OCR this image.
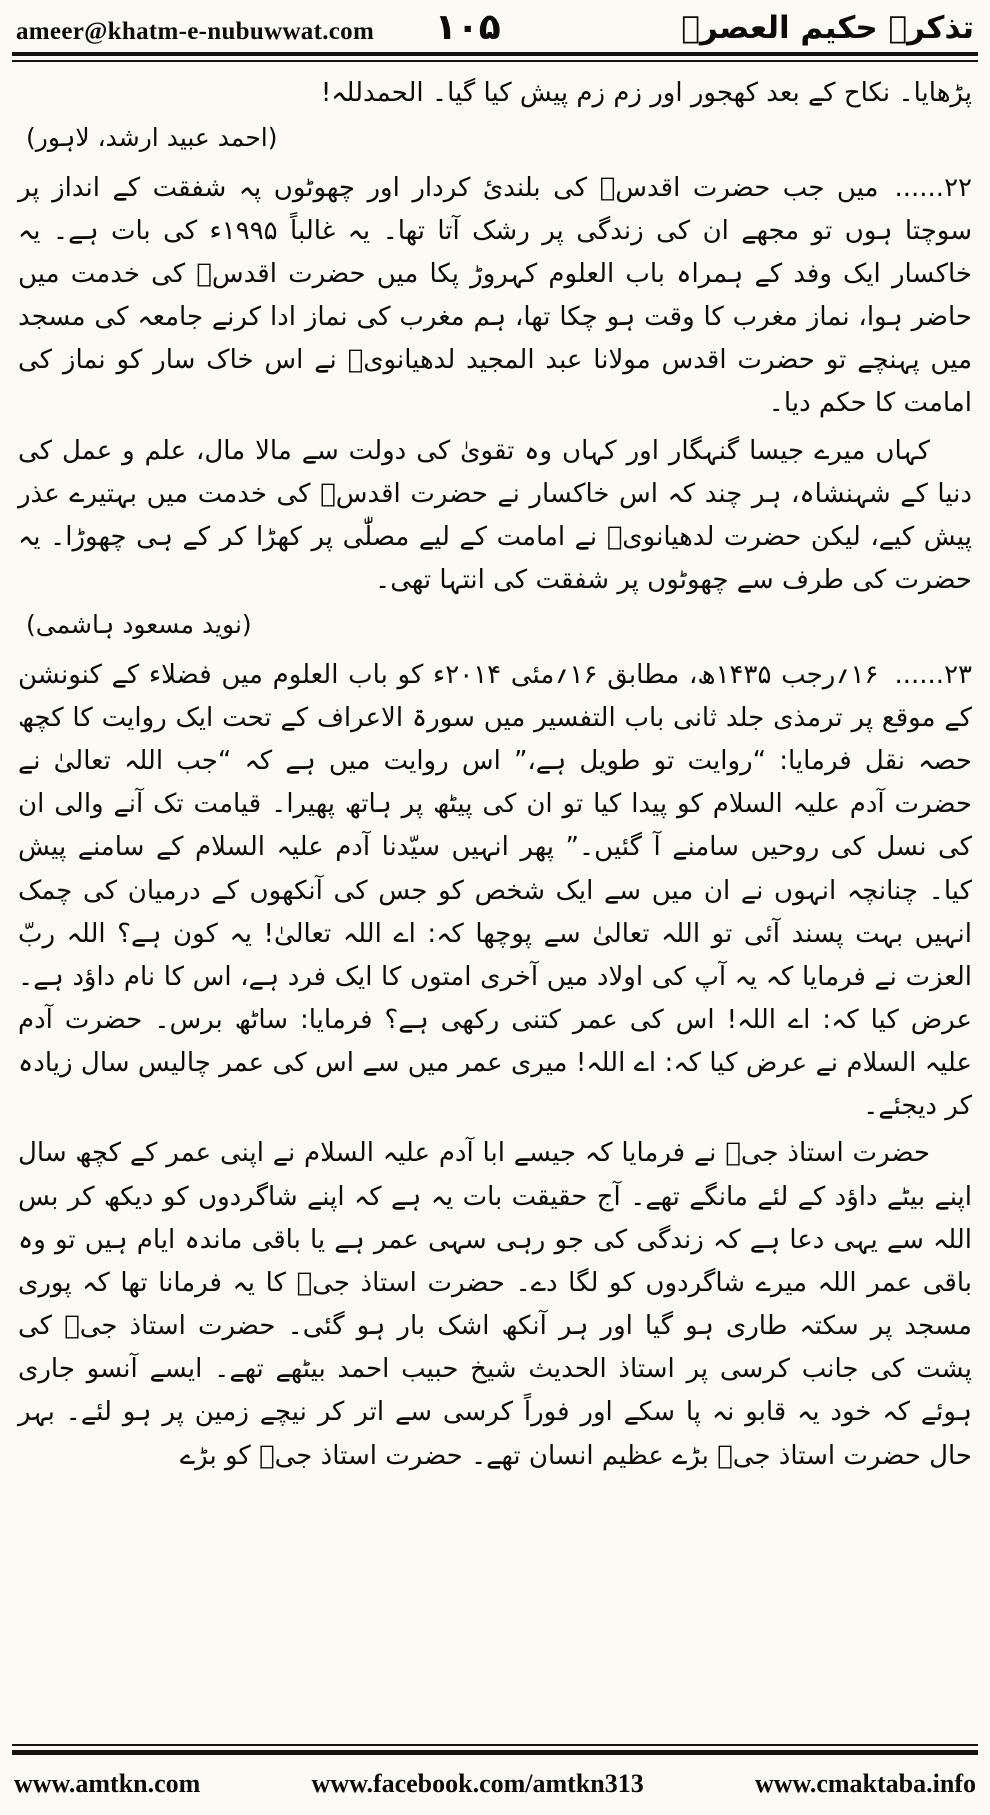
ameer@khatm-e-nubuwwat.com ۱۰۵	تذکرہ حکیم العصرؒ

پڑھایا۔ نکاح کے بعد کھجور اور زم زم پیش کیا گیا۔ الحمدللہ!

(احمد عبید ارشد، لاہور)

۲۲......میں جب حضرت اقدسؒ کی بلندیٔ کردار اور چھوٹوں پہ شفقت کے انداز پر سوچتا ہوں تو مجھے ان کی زندگی پر رشک آتا تھا۔ یہ غالباً ۱۹۹۵ء کی بات ہے۔ یہ خاکسار ایک وفد کے ہمراہ باب العلوم کہروڑ پکا میں حضرت اقدسؒ کی خدمت میں حاضر ہوا، نماز مغرب کا وقت ہو چکا تھا، ہم مغرب کی نماز ادا کرنے جامعہ کی مسجد میں پہنچے تو حضرت اقدس مولانا عبد المجید لدھیانویؒ نے اس خاک سار کو نماز کی امامت کا حکم دیا۔

کہاں میرے جیسا گنہگار اور کہاں وہ تقویٰ کی دولت سے مالا مال، علم و عمل کی دنیا کے شہنشاہ، ہر چند کہ اس خاکسار نے حضرت اقدسؒ کی خدمت میں بہتیرے عذر پیش کیے، لیکن حضرت لدھیانویؒ نے امامت کے لیے مصلّٰی پر کھڑا کر کے ہی چھوڑا۔ یہ حضرت کی طرف سے چھوٹوں پر شفقت کی انتہا تھی۔

(نوید مسعود ہاشمی)

۲۳......۱۶؍رجب ۱۴۳۵ھ، مطابق ۱۶؍مئی ۲۰۱۴ء کو باب العلوم میں فضلاء کے کنونشن کے موقع پر ترمذی جلد ثانی باب التفسیر میں سورۃ الاعراف کے تحت ایک روایت کا کچھ حصہ نقل فرمایا: “روایت تو طویل ہے،” اس روایت میں ہے کہ “جب اللہ تعالیٰ نے حضرت آدم علیہ السلام کو پیدا کیا تو ان کی پیٹھ پر ہاتھ پھیرا۔ قیامت تک آنے والی ان کی نسل کی روحیں سامنے آ گئیں۔” پھر انہیں سیّدنا آدم علیہ السلام کے سامنے پیش کیا۔ چنانچہ انہوں نے ان میں سے ایک شخص کو جس کی آنکھوں کے درمیان کی چمک انہیں بہت پسند آئی تو اللہ تعالیٰ سے پوچھا کہ: اے اللہ تعالیٰ! یہ کون ہے؟ اللہ ربّ العزت نے فرمایا کہ یہ آپ کی اولاد میں آخری امتوں کا ایک فرد ہے، اس کا نام داؤد ہے۔ عرض کیا کہ: اے اللہ! اس کی عمر کتنی رکھی ہے؟ فرمایا: ساٹھ برس۔ حضرت آدم علیہ السلام نے عرض کیا کہ: اے اللہ! میری عمر میں سے اس کی عمر چالیس سال زیادہ کر دیجئے۔

حضرت استاذ جیؒ نے فرمایا کہ جیسے ابا آدم علیہ السلام نے اپنی عمر کے کچھ سال اپنے بیٹے داؤد کے لئے مانگے تھے۔ آج حقیقت بات یہ ہے کہ اپنے شاگردوں کو دیکھ کر بس اللہ سے یہی دعا ہے کہ زندگی کی جو رہی سہی عمر ہے یا باقی ماندہ ایام ہیں تو وہ باقی عمر اللہ میرے شاگردوں کو لگا دے۔ حضرت استاذ جیؒ کا یہ فرمانا تھا کہ پوری مسجد پر سکتہ طاری ہو گیا اور ہر آنکھ اشک بار ہو گئی۔ حضرت استاذ جیؒ کی پشت کی جانب کرسی پر استاذ الحدیث شیخ حبیب احمد بیٹھے تھے۔ ایسے آنسو جاری ہوئے کہ خود یہ قابو نہ پا سکے اور فوراً کرسی سے اتر کر نیچے زمین پر ہو لئے۔ بہر حال حضرت استاذ جیؒ بڑے عظیم انسان تھے۔ حضرت استاذ جیؒ کو بڑے

www.amtkn.com	www.facebook.com/amtkn313	www.cmaktaba.info
